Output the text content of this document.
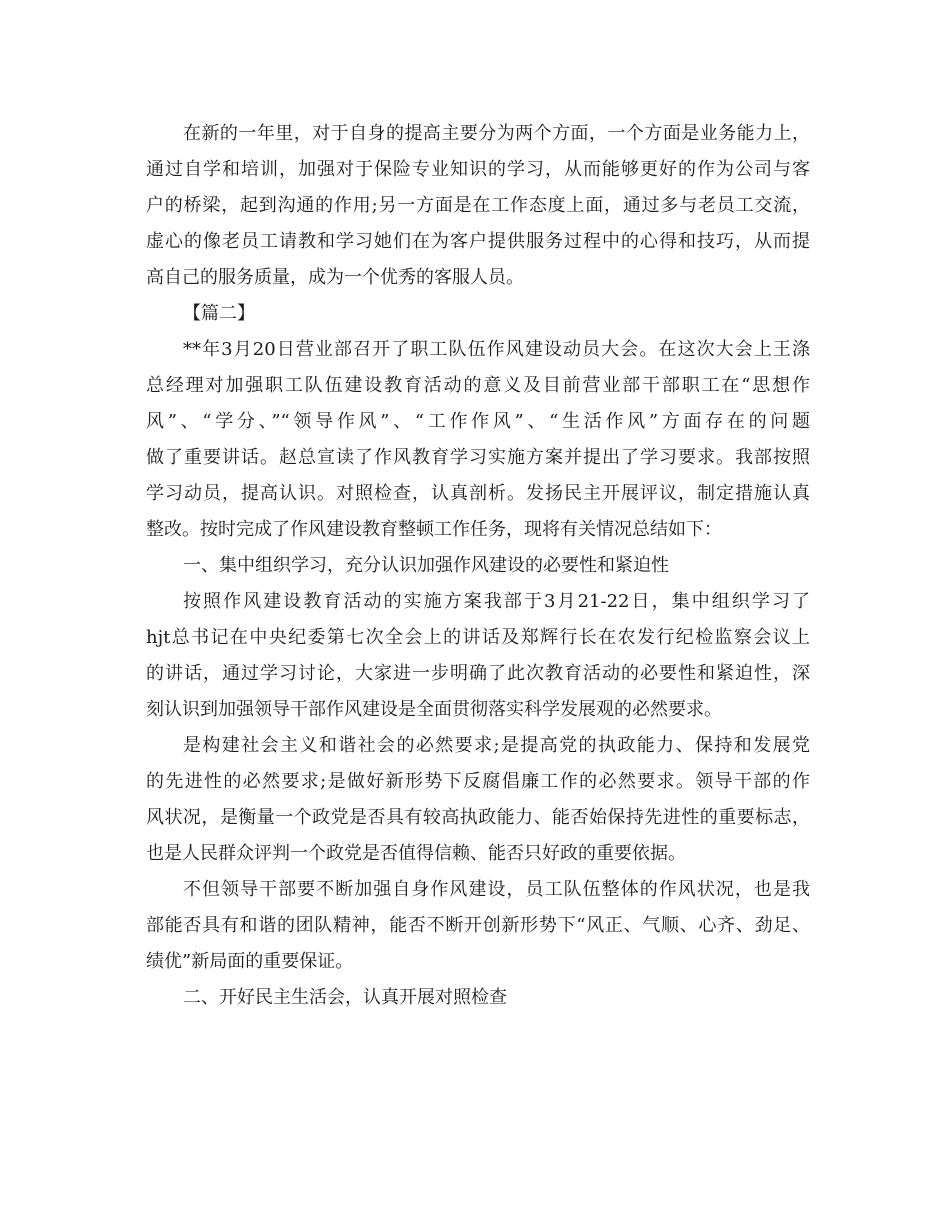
在新的一年里，对于自身的提高主要分为两个方面，一个方面是业务能力上，
通过自学和培训，加强对于保险专业知识的学习，从而能够更好的作为公司与客
户的桥梁，起到沟通的作用;另一方面是在工作态度上面，通过多与老员工交流，
虚心的像老员工请教和学习她们在为客户提供服务过程中的心得和技巧，从而提
高自己的服务质量，成为一个优秀的客服人员。
【篇二】
**年3月20日营业部召开了职工队伍作风建设动员大会。在这次大会上王涤
总经理对加强职工队伍建设教育活动的意义及目前营业部干部职工在“思想作
风”、“学分、”“领导作风”、“工作作风”、“生活作风”方面存在的问题
做了重要讲话。赵总宣读了作风教育学习实施方案并提出了学习要求。我部按照
学习动员，提高认识。对照检查，认真剖析。发扬民主开展评议，制定措施认真
整改。按时完成了作风建设教育整顿工作任务，现将有关情况总结如下：
一、集中组织学习，充分认识加强作风建设的必要性和紧迫性
按照作风建设教育活动的实施方案我部于3月21-22日，集中组织学习了
hjt总书记在中央纪委第七次全会上的讲话及郑辉行长在农发行纪检监察会议上
的讲话，通过学习讨论，大家进一步明确了此次教育活动的必要性和紧迫性，深
刻认识到加强领导干部作风建设是全面贯彻落实科学发展观的必然要求。
是构建社会主义和谐社会的必然要求;是提高党的执政能力、保持和发展党
的先进性的必然要求;是做好新形势下反腐倡廉工作的必然要求。领导干部的作
风状况，是衡量一个政党是否具有较高执政能力、能否始保持先进性的重要标志，
也是人民群众评判一个政党是否值得信赖、能否只好政的重要依据。
不但领导干部要不断加强自身作风建设，员工队伍整体的作风状况，也是我
部能否具有和谐的团队精神，能否不断开创新形势下“风正、气顺、心齐、劲足、
绩优”新局面的重要保证。
二、开好民主生活会，认真开展对照检查
